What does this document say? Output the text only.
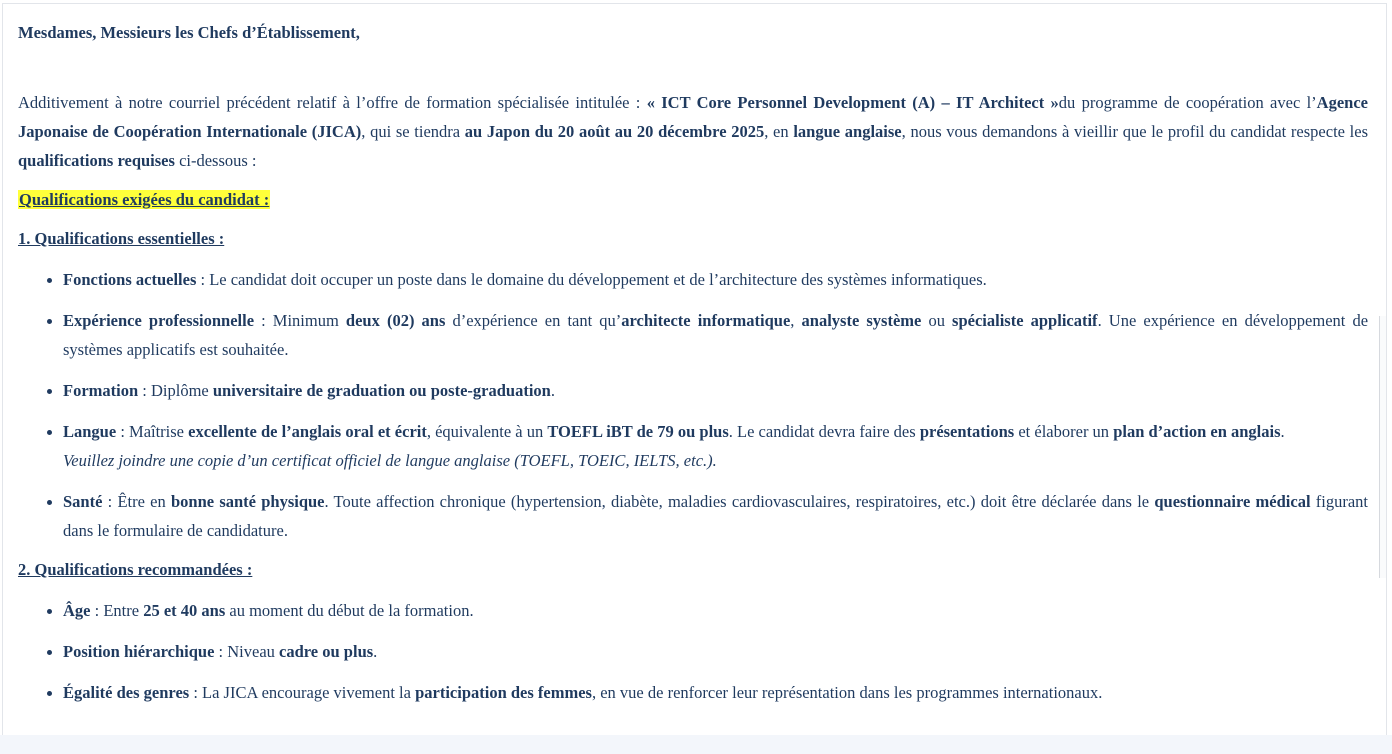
Mesdames, Messieurs les Chefs d’Établissement,

Additivement à notre courriel précédent relatif à l’offre de formation spécialisée intitulée : « ICT Core Personnel Development (A) – IT Architect »du programme de coopération avec l’Agence Japonaise de Coopération Internationale (JICA), qui se tiendra au Japon du 20 août au 20 décembre 2025, en langue anglaise, nous vous demandons à vieillir que le profil du candidat respecte les qualifications requises ci-dessous :

Qualifications exigées du candidat :

1. Qualifications essentielles :

Fonctions actuelles : Le candidat doit occuper un poste dans le domaine du développement et de l’architecture des systèmes informatiques.
Expérience professionnelle : Minimum deux (02) ans d’expérience en tant qu’architecte informatique, analyste système ou spécialiste applicatif. Une expérience en développement de systèmes applicatifs est souhaitée.
Formation : Diplôme universitaire de graduation ou poste-graduation.
Langue : Maîtrise excellente de l’anglais oral et écrit, équivalente à un TOEFL iBT de 79 ou plus. Le candidat devra faire des présentations et élaborer un plan d’action en anglais.
Veuillez joindre une copie d’un certificat officiel de langue anglaise (TOEFL, TOEIC, IELTS, etc.).
Santé : Être en bonne santé physique. Toute affection chronique (hypertension, diabète, maladies cardiovasculaires, respiratoires, etc.) doit être déclarée dans le questionnaire médical figurant dans le formulaire de candidature.

2. Qualifications recommandées :

Âge : Entre 25 et 40 ans au moment du début de la formation.
Position hiérarchique : Niveau cadre ou plus.
Égalité des genres : La JICA encourage vivement la participation des femmes, en vue de renforcer leur représentation dans les programmes internationaux.
